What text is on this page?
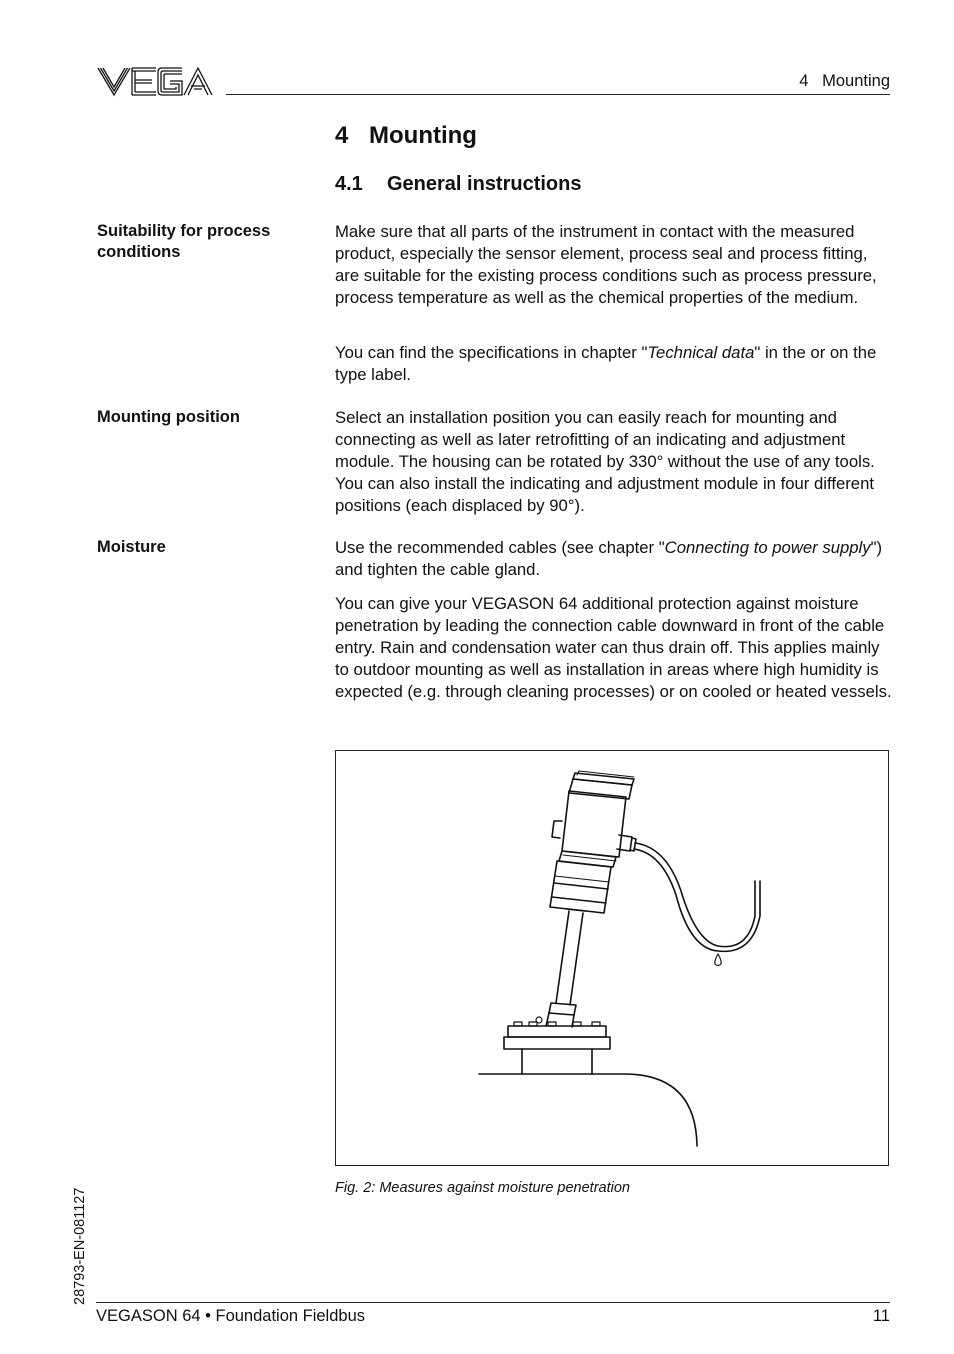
4   Mounting
4 Mounting
4.1 General instructions
Suitability for process conditions
Make sure that all parts of the instrument in contact with the measured product, especially the sensor element, process seal and process fitting, are suitable for the existing process conditions such as process pressure, process temperature as well as the chemical properties of the medium.
You can find the specifications in chapter "Technical data" in the or on the type label.
Mounting position	Select an installation position you can easily reach for mounting and connecting as well as later retrofitting of an indicating and adjustment module. The housing can be rotated by 330° without the use of any tools. You can also install the indicating and adjustment module in four different positions (each displaced by 90°).
Moisture	Use the recommended cables (see chapter "Connecting to power supply") and tighten the cable gland.
You can give your VEGASON 64 additional protection against moisture penetration by leading the connection cable downward in front of the cable entry. Rain and condensation water can thus drain off. This applies mainly to outdoor mounting as well as installation in areas where high humidity is expected (e.g. through cleaning processes) or on cooled or heated vessels.
Fig. 2: Measures against moisture penetration
28793-EN-081127
VEGASON 64 • Foundation Fieldbus	11
